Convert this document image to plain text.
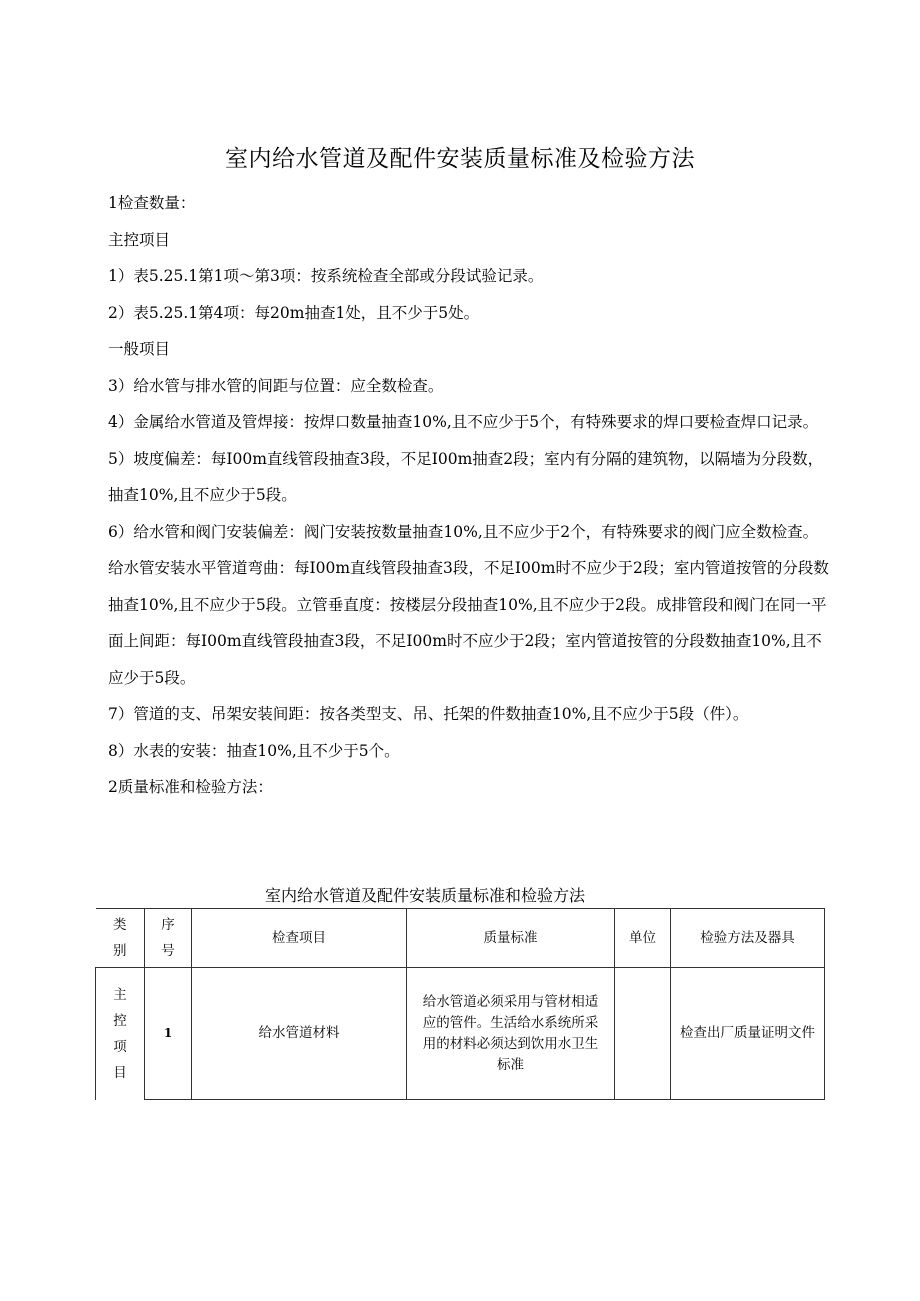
室内给水管道及配件安装质量标准及检验方法

1检查数量：

主控项目

1）表5.25.1第1项～第3项：按系统检查全部或分段试验记录。

2）表5.25.1第4项：每20m抽查1处，且不少于5处。

一般项目

3）给水管与排水管的间距与位置：应全数检查。

4）金属给水管道及管焊接：按焊口数量抽查10%,且不应少于5个，有特殊要求的焊口要检查焊口记录。

5）坡度偏差：每I00m直线管段抽查3段，不足I00m抽查2段；室内有分隔的建筑物，以隔墙为分段数，抽查10%,且不应少于5段。

6）给水管和阀门安装偏差：阀门安装按数量抽查10%,且不应少于2个，有特殊要求的阀门应全数检查。给水管安装水平管道弯曲：每I00m直线管段抽查3段，不足I00m时不应少于2段；室内管道按管的分段数抽查10%,且不应少于5段。立管垂直度：按楼层分段抽查10%,且不应少于2段。成排管段和阀门在同一平面上间距：每I00m直线管段抽查3段，不足I00m时不应少于2段；室内管道按管的分段数抽查10%,且不应少于5段。

7）管道的支、吊架安装间距：按各类型支、吊、托架的件数抽查10%,且不应少于5段（件）。

8）水表的安装：抽查10%,且不少于5个。

2质量标准和检验方法：

室内给水管道及配件安装质量标准和检验方法
类别	序号	检查项目	质量标准	单位	检验方法及器具
主控项目	1	给水管道材料	给水管道必须采用与管材相适应的管件。生活给水系统所采用的材料必须达到饮用水卫生标准		检查出厂质量证明文件
